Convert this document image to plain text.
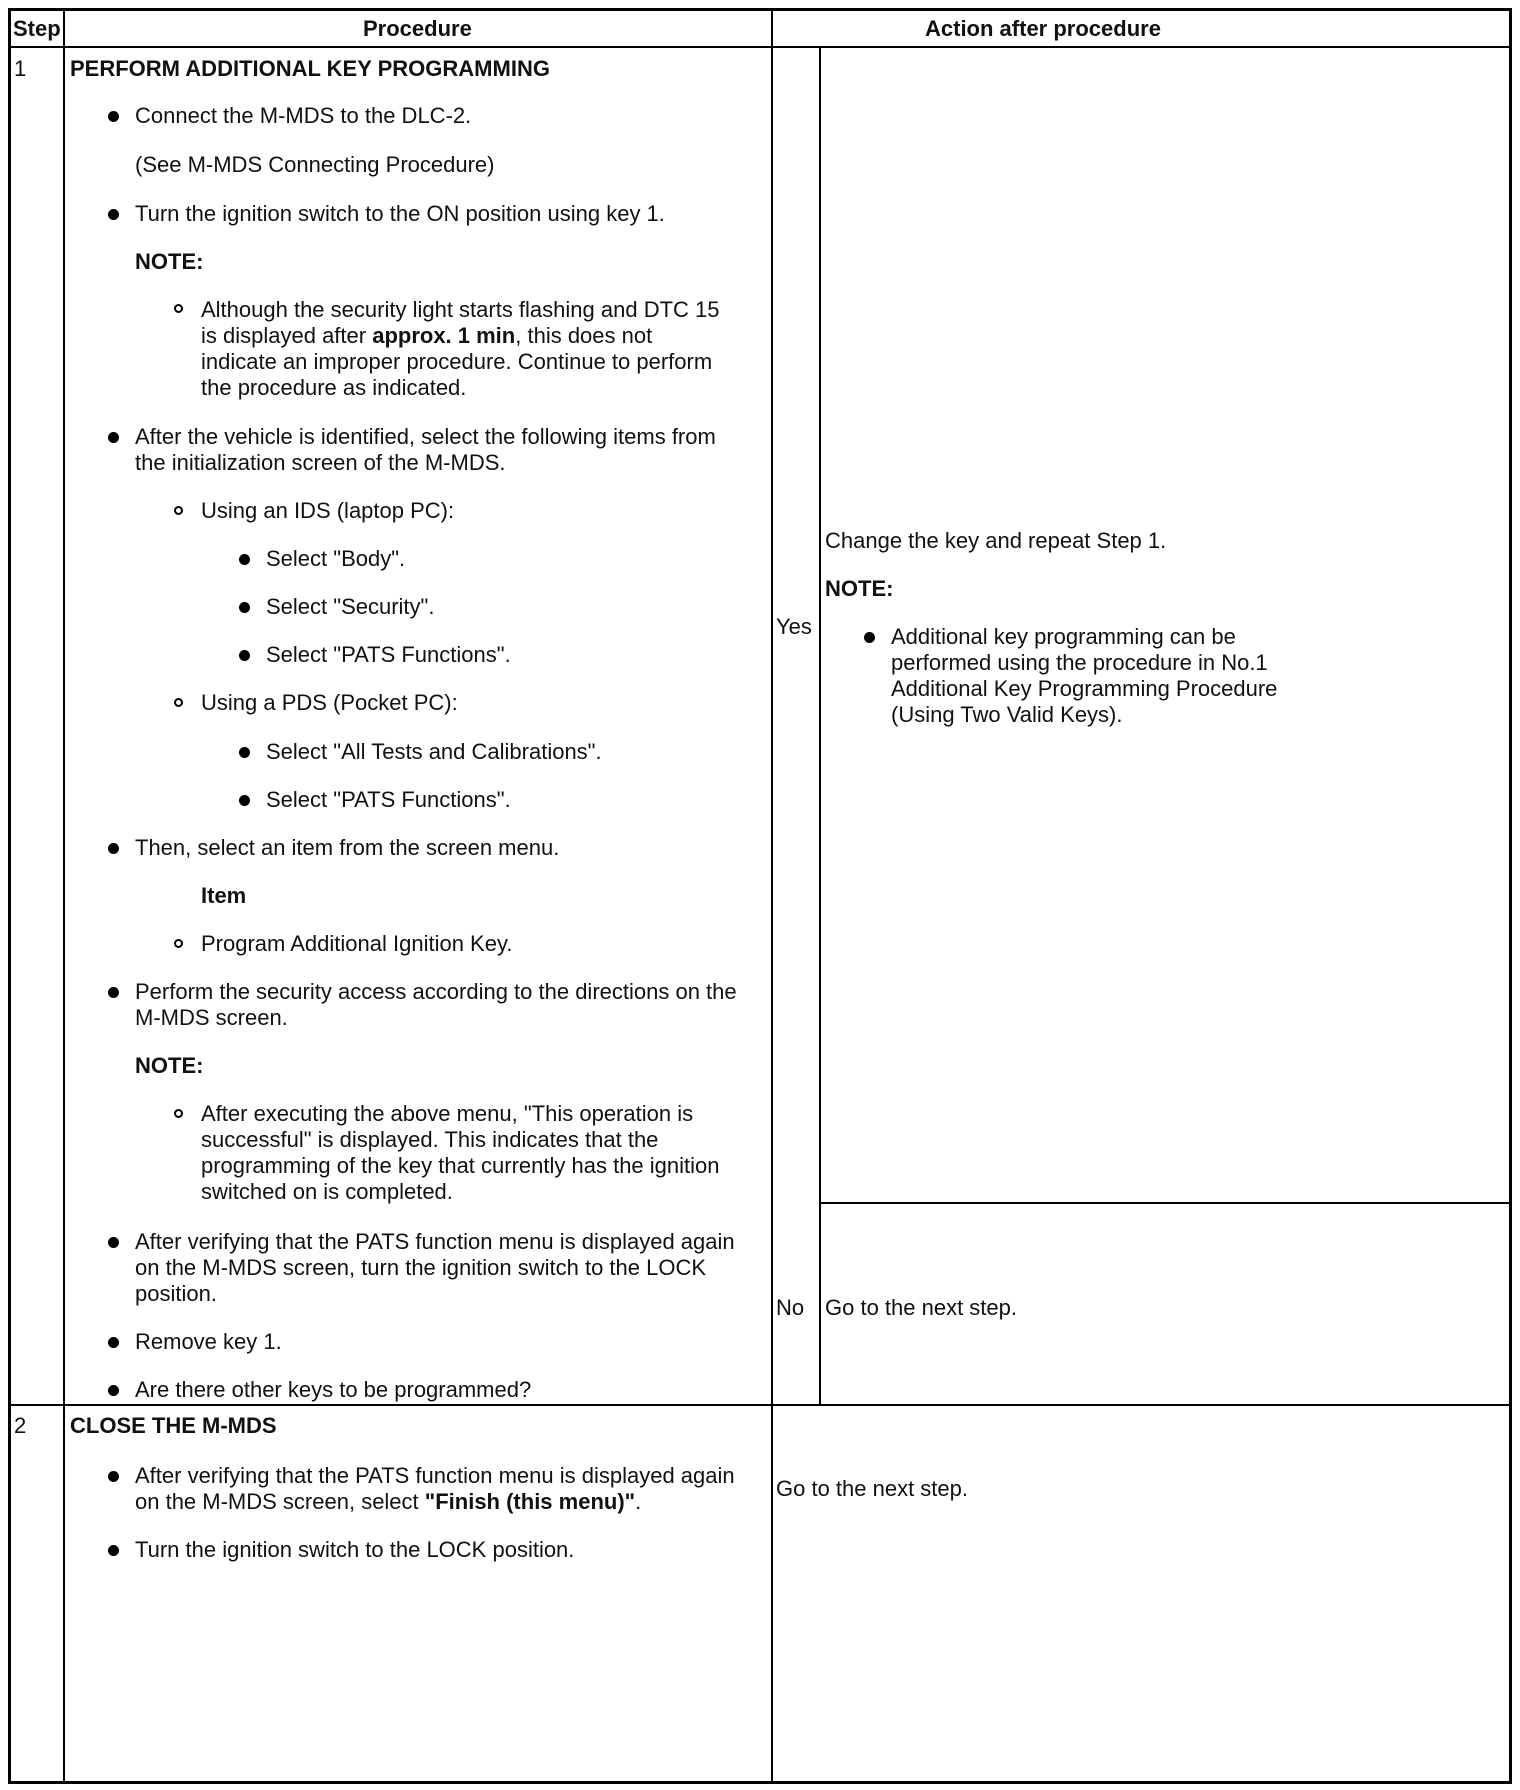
Step	Procedure	Action after procedure
1 PERFORM ADDITIONAL KEY PROGRAMMING
Connect the M-MDS to the DLC-2.
(See M-MDS Connecting Procedure)
Turn the ignition switch to the ON position using key 1.
NOTE:
Although the security light starts flashing and DTC 15
is displayed after approx. 1 min, this does not
indicate an improper procedure. Continue to perform
the procedure as indicated.
After the vehicle is identified, select the following items from
the initialization screen of the M-MDS.
Using an IDS (laptop PC):
Select "Body".
Select "Security".
Select "PATS Functions".
Using a PDS (Pocket PC):
Select "All Tests and Calibrations".
Select "PATS Functions".
Then, select an item from the screen menu.
Item
Program Additional Ignition Key.
Perform the security access according to the directions on the
M-MDS screen.
NOTE:
After executing the above menu, "This operation is
successful" is displayed. This indicates that the
programming of the key that currently has the ignition
switched on is completed.
After verifying that the PATS function menu is displayed again
on the M-MDS screen, turn the ignition switch to the LOCK
position.
Remove key 1.
Are there other keys to be programmed?
Yes
Change the key and repeat Step 1.
NOTE:
Additional key programming can be
performed using the procedure in No.1
Additional Key Programming Procedure
(Using Two Valid Keys).
No Go to the next step.
2 CLOSE THE M-MDS
After verifying that the PATS function menu is displayed again
on the M-MDS screen, select "Finish (this menu)".
Turn the ignition switch to the LOCK position.
Go to the next step.
